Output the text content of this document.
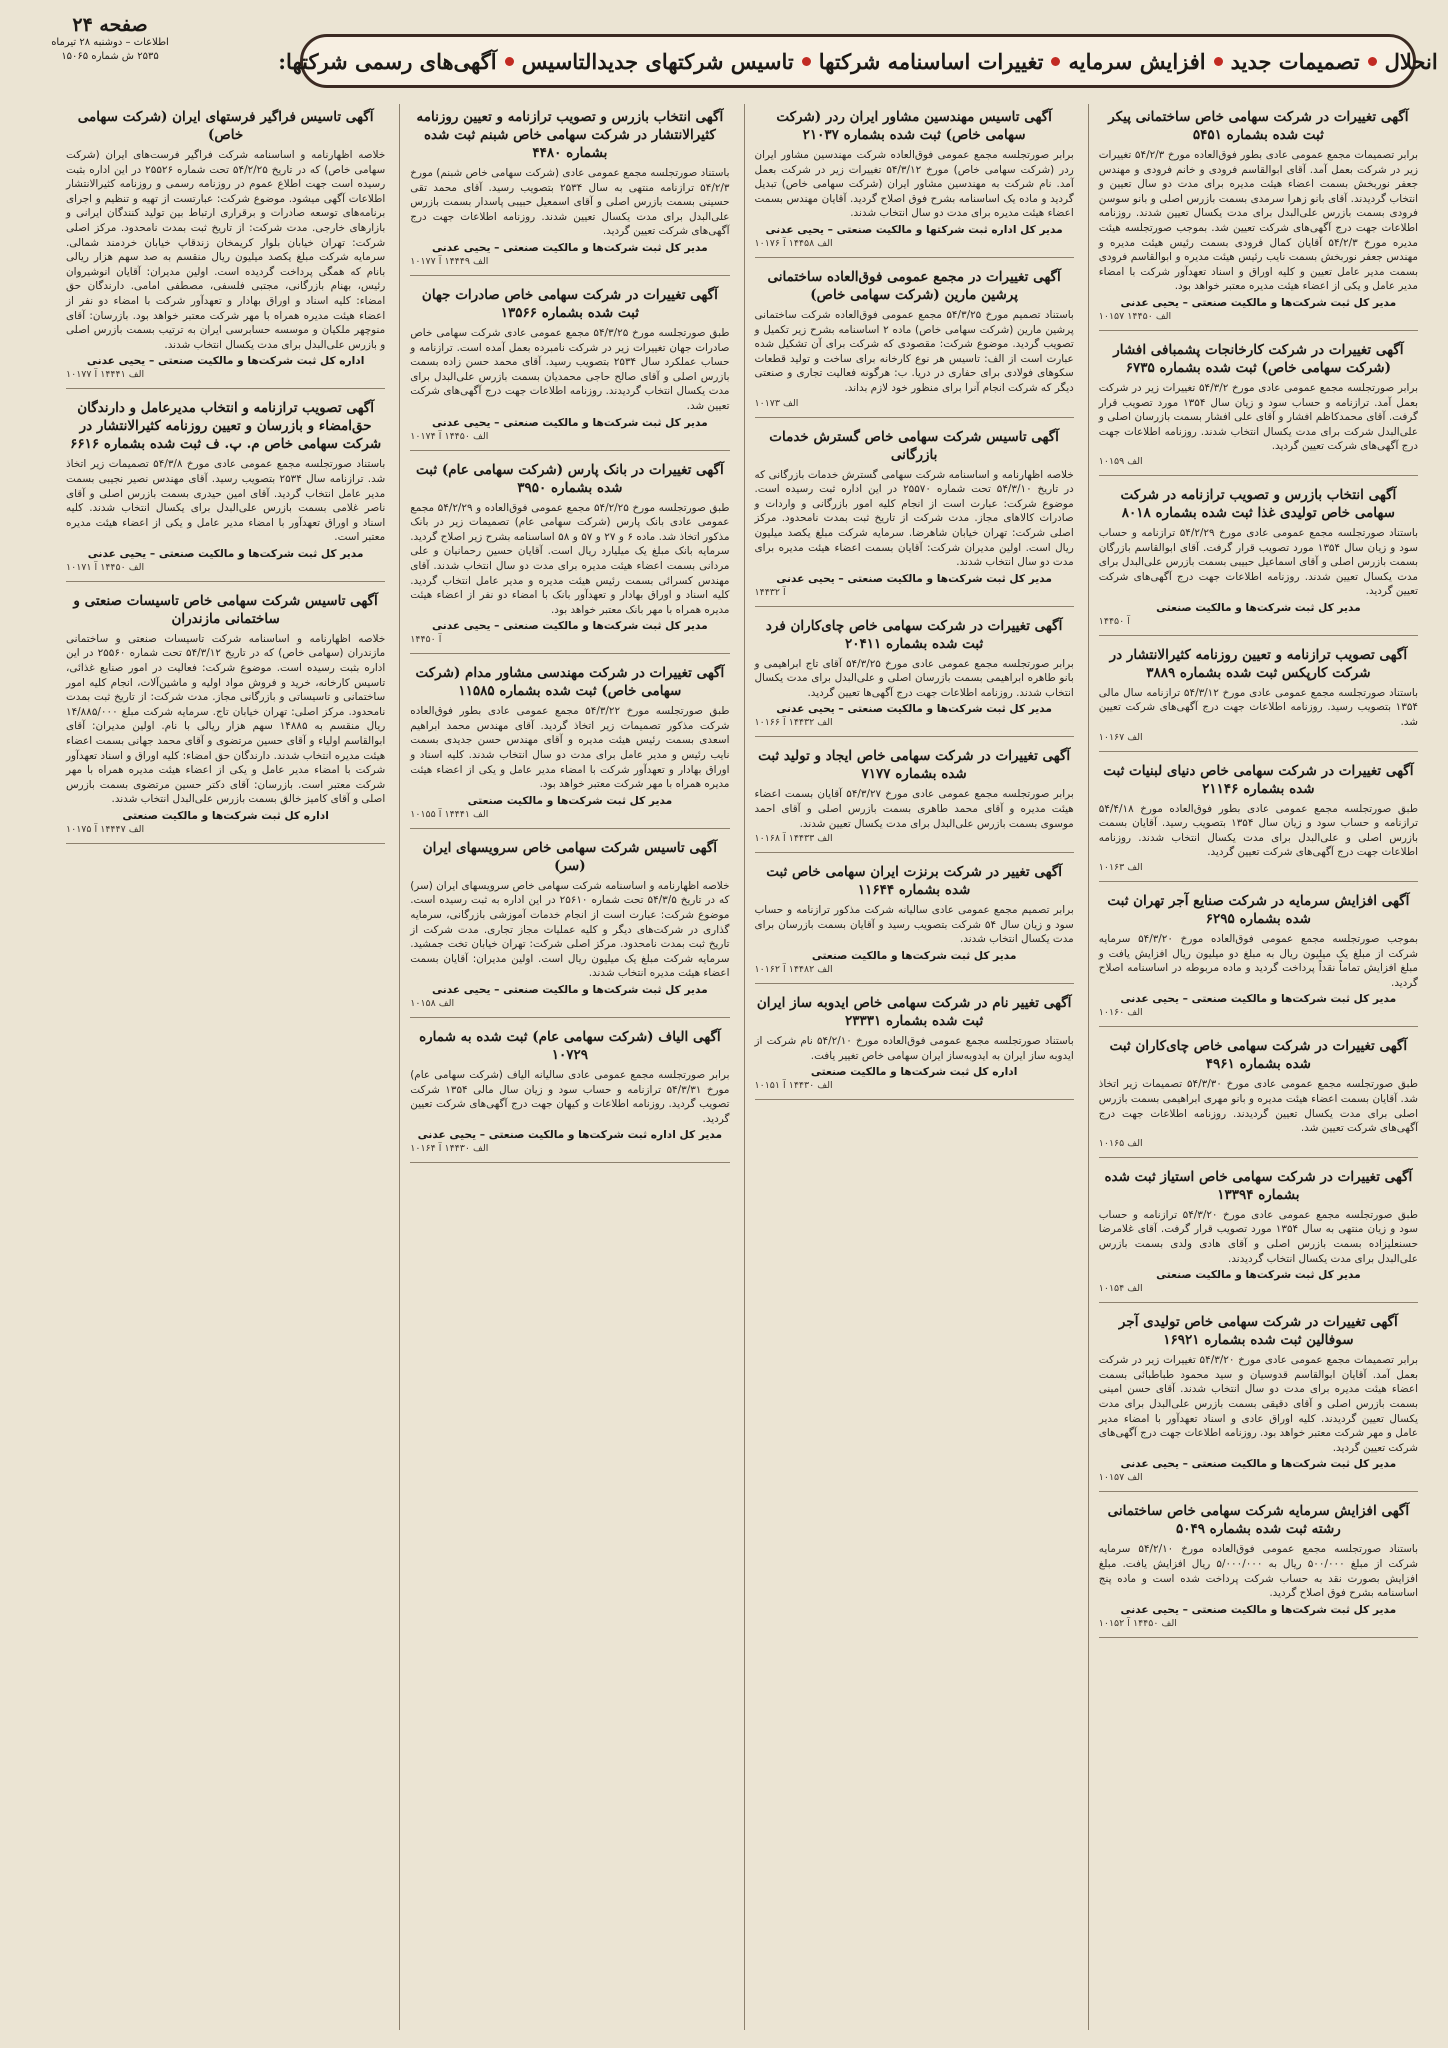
صفحه ۲۴
اطلاعات – دوشنبه ۲۸ تیرماه
۲۵۳۵ ش شماره ۱۵۰۶۵	آگهی‌های رسمی شرکتها: تاسیس شرکتهای جدیدالتاسیس تغییرات اساسنامه شرکتها افزایش سرمایه تصمیمات جدید انحلال
آگهی تغییرات در شرکت سهامی خاص ساختمانی پیکر ثبت شده بشماره ۵۴۵۱
برابر تصمیمات مجمع عمومی عادی بطور فوق‌العاده مورخ ۵۴/۲/۳ تغییرات زیر در شرکت بعمل آمد. آقای ابوالقاسم فرودی و خانم فرودی و مهندس جعفر نوربخش بسمت اعضاء هیئت مدیره برای مدت دو سال تعیین و انتخاب گردیدند. آقای بانو زهرا سرمدی بسمت بازرس اصلی و بانو سوسن فرودی بسمت بازرس علی‌البدل برای مدت یکسال تعیین شدند. روزنامه اطلاعات جهت درج آگهی‌های شرکت تعیین شد. بموجب صورتجلسه هیئت مدیره مورخ ۵۴/۲/۳ آقایان کمال فرودی بسمت رئیس هیئت مدیره و مهندس جعفر نوربخش بسمت نایب رئیس هیئت مدیره و ابوالقاسم فرودی بسمت مدیر عامل تعیین و کلیه اوراق و اسناد تعهدآور شرکت با امضاء مدیر عامل و یکی از اعضاء هیئت مدیره معتبر خواهد بود.
مدیر کل ثبت شرکت‌ها و مالکیت صنعتی – یحیی عدنی
۱۰۱۵۷ ۱۴۴۵۰ الف
آگهی تغییرات در شرکت کارخانجات پشمبافی افشار (شرکت سهامی خاص) ثبت شده بشماره ۶۷۳۵
برابر صورتجلسه مجمع عمومی عادی مورخ ۵۴/۳/۲ تغییرات زیر در شرکت بعمل آمد. ترازنامه و حساب سود و زیان سال ۱۳۵۴ مورد تصویب قرار گرفت. آقای محمدکاظم افشار و آقای علی افشار بسمت بازرسان اصلی و علی‌البدل شرکت برای مدت یکسال انتخاب شدند. روزنامه اطلاعات جهت درج آگهی‌های شرکت تعیین گردید.
۱۰۱۵۹ الف
آگهی انتخاب بازرس و تصویب ترازنامه در شرکت سهامی خاص تولیدی غذا ثبت شده بشماره ۸۰۱۸
باستناد صورتجلسه مجمع عمومی عادی مورخ ۵۴/۲/۲۹ ترازنامه و حساب سود و زیان سال ۱۳۵۴ مورد تصویب قرار گرفت. آقای ابوالقاسم بازرگان بسمت بازرس اصلی و آقای اسماعیل حبیبی بسمت بازرس علی‌البدل برای مدت یکسال تعیین شدند. روزنامه اطلاعات جهت درج آگهی‌های شرکت تعیین گردید.
مدیر کل ثبت شرکت‌ها و مالکیت صنعتی
۱۴۴۵۰ آ
آگهی تصویب ترازنامه و تعیین روزنامه کثیرالانتشار در شرکت کارپکس ثبت شده بشماره ۳۸۸۹
باستناد صورتجلسه مجمع عمومی عادی مورخ ۵۴/۳/۱۲ ترازنامه سال مالی ۱۳۵۴ بتصویب رسید. روزنامه اطلاعات جهت درج آگهی‌های شرکت تعیین شد.
۱۰۱۶۷ الف
آگهی تغییرات در شرکت سهامی خاص دنیای لبنیات ثبت شده بشماره ۲۱۱۴۶
طبق صورتجلسه مجمع عمومی عادی بطور فوق‌العاده مورخ ۵۴/۴/۱۸ ترازنامه و حساب سود و زیان سال ۱۳۵۴ بتصویب رسید. آقایان بسمت بازرس اصلی و علی‌البدل برای مدت یکسال انتخاب شدند. روزنامه اطلاعات جهت درج آگهی‌های شرکت تعیین گردید.
۱۰۱۶۳ الف
آگهی افزایش سرمایه در شرکت صنایع آجر تهران ثبت شده بشماره ۶۲۹۵
بموجب صورتجلسه مجمع عمومی فوق‌العاده مورخ ۵۴/۳/۲۰ سرمایه شرکت از مبلغ یک میلیون ریال به مبلغ دو میلیون ریال افزایش یافت و مبلغ افزایش تماماً نقداً پرداخت گردید و ماده مربوطه در اساسنامه اصلاح گردید.
مدیر کل ثبت شرکت‌ها و مالکیت صنعتی – یحیی عدنی
۱۰۱۶۰ الف
آگهی تغییرات در شرکت سهامی خاص چای‌کاران ثبت شده بشماره ۴۹۶۱
طبق صورتجلسه مجمع عمومی عادی مورخ ۵۴/۳/۳۰ تصمیمات زیر اتخاذ شد. آقایان بسمت اعضاء هیئت مدیره و بانو مهری ابراهیمی بسمت بازرس اصلی برای مدت یکسال تعیین گردیدند. روزنامه اطلاعات جهت درج آگهی‌های شرکت تعیین شد.
۱۰۱۶۵ الف
آگهی تغییرات در شرکت سهامی خاص استیاز ثبت شده بشماره ۱۳۳۹۴
طبق صورتجلسه مجمع عمومی عادی مورخ ۵۴/۳/۲۰ ترازنامه و حساب سود و زیان منتهی به سال ۱۳۵۴ مورد تصویب قرار گرفت. آقای غلامرضا حسنعلیزاده بسمت بازرس اصلی و آقای هادی ولدی بسمت بازرس علی‌البدل برای مدت یکسال انتخاب گردیدند.
مدیر کل ثبت شرکت‌ها و مالکیت صنعتی
۱۰۱۵۴ الف
آگهی تغییرات در شرکت سهامی خاص تولیدی آجر سوفالین ثبت شده بشماره ۱۶۹۲۱
برابر تصمیمات مجمع عمومی عادی مورخ ۵۴/۳/۲۰ تغییرات زیر در شرکت بعمل آمد. آقایان ابوالقاسم قدوسیان و سید محمود طباطبائی بسمت اعضاء هیئت مدیره برای مدت دو سال انتخاب شدند. آقای حسن امینی بسمت بازرس اصلی و آقای دقیقی بسمت بازرس علی‌البدل برای مدت یکسال تعیین گردیدند. کلیه اوراق عادی و اسناد تعهدآور با امضاء مدیر عامل و مهر شرکت معتبر خواهد بود. روزنامه اطلاعات جهت درج آگهی‌های شرکت تعیین گردید.
مدیر کل ثبت شرکت‌ها و مالکیت صنعتی – یحیی عدنی
۱۰۱۵۷ الف
آگهی افزایش سرمایه شرکت سهامی خاص ساختمانی رشته ثبت شده بشماره ۵۰۴۹
باستناد صورتجلسه مجمع عمومی فوق‌العاده مورخ ۵۴/۲/۱۰ سرمایه شرکت از مبلغ ۵۰۰/۰۰۰ ریال به ۵/۰۰۰/۰۰۰ ریال افزایش یافت. مبلغ افزایش بصورت نقد به حساب شرکت پرداخت شده است و ماده پنج اساسنامه بشرح فوق اصلاح گردید.
مدیر کل ثبت شرکت‌ها و مالکیت صنعتی – یحیی عدنی
۱۰۱۵۲ الف ۱۴۴۵۰ آ
آگهی تاسیس مهندسین مشاور ایران ردر (شرکت سهامی خاص) ثبت شده بشماره ۲۱۰۳۷
برابر صورتجلسه مجمع عمومی فوق‌العاده شرکت مهندسین مشاور ایران ردر (شرکت سهامی خاص) مورخ ۵۴/۳/۱۲ تغییرات زیر در شرکت بعمل آمد. نام شرکت به مهندسین مشاور ایران (شرکت سهامی خاص) تبدیل گردید و ماده یک اساسنامه بشرح فوق اصلاح گردید. آقایان مهندس بسمت اعضاء هیئت مدیره برای مدت دو سال انتخاب شدند.
مدیر کل اداره ثبت شرکتها و مالکیت صنعتی – یحیی عدنی
۱۰۱۷۶ الف ۱۴۴۵۸ آ
آگهی تغییرات در مجمع عمومی فوق‌العاده ساختمانی پرشین مارین (شرکت سهامی خاص)
باستناد تصمیم مورخ ۵۴/۳/۲۵ مجمع عمومی فوق‌العاده شرکت ساختمانی پرشین مارین (شرکت سهامی خاص) ماده ۲ اساسنامه بشرح زیر تکمیل و تصویب گردید. موضوع شرکت: مقصودی که شرکت برای آن تشکیل شده عبارت است از الف: تاسیس هر نوع کارخانه برای ساخت و تولید قطعات سکوهای فولادی برای حفاری در دریا. ب: هرگونه فعالیت تجاری و صنعتی دیگر که شرکت انجام آنرا برای منظور خود لازم بداند.
۱۰۱۷۳ الف
آگهی تاسیس شرکت سهامی خاص گسترش خدمات بازرگانی
خلاصه اظهارنامه و اساسنامه شرکت سهامی گسترش خدمات بازرگانی که در تاریخ ۵۴/۳/۱۰ تحت شماره ۲۵۵۷۰ در این اداره ثبت رسیده است. موضوع شرکت: عبارت است از انجام کلیه امور بازرگانی و واردات و صادرات کالاهای مجاز. مدت شرکت از تاریخ ثبت بمدت نامحدود. مرکز اصلی شرکت: تهران خیابان شاهرضا. سرمایه شرکت مبلغ یکصد میلیون ریال است. اولین مدیران شرکت: آقایان بسمت اعضاء هیئت مدیره برای مدت دو سال انتخاب شدند.
مدیر کل ثبت شرکت‌ها و مالکیت صنعتی – یحیی عدنی
۱۴۴۳۲ آ
آگهی تغییرات در شرکت سهامی خاص چای‌کاران فرد ثبت شده بشماره ۲۰۴۱۱
برابر صورتجلسه مجمع عمومی عادی مورخ ۵۴/۳/۲۵ آقای تاج ابراهیمی و بانو طاهره ابراهیمی بسمت بازرسان اصلی و علی‌البدل برای مدت یکسال انتخاب شدند. روزنامه اطلاعات جهت درج آگهی‌ها تعیین گردید.
مدیر کل ثبت شرکت‌ها و مالکیت صنعتی – یحیی عدنی
۱۰۱۶۶ الف ۱۴۴۳۲ آ
آگهی تغییرات در شرکت سهامی خاص ایجاد و تولید ثبت شده بشماره ۷۱۷۷
برابر صورتجلسه مجمع عمومی عادی مورخ ۵۴/۳/۲۷ آقایان بسمت اعضاء هیئت مدیره و آقای محمد طاهری بسمت بازرس اصلی و آقای احمد موسوی بسمت بازرس علی‌البدل برای مدت یکسال تعیین شدند.
۱۰۱۶۸ الف ۱۴۴۳۳ آ
آگهی تغییر در شرکت برنزت ایران سهامی خاص ثبت شده بشماره ۱۱۶۴۴
برابر تصمیم مجمع عمومی عادی سالیانه شرکت مذکور ترازنامه و حساب سود و زیان سال ۵۴ شرکت بتصویب رسید و آقایان بسمت بازرسان برای مدت یکسال انتخاب شدند.
مدیر کل ثبت شرکت‌ها و مالکیت صنعتی
۱۰۱۶۲ الف ۱۴۴۸۲ آ
آگهی تغییر نام در شرکت سهامی خاص ایدوبه ساز ایران ثبت شده بشماره ۲۳۳۳۱
باستناد صورتجلسه مجمع عمومی فوق‌العاده مورخ ۵۴/۲/۱۰ نام شرکت از ایدوبه ساز ایران به ایدوبه‌ساز ایران سهامی خاص تغییر یافت.
اداره کل ثبت شرکت‌ها و مالکیت صنعتی
۱۰۱۵۱ الف ۱۴۴۳۰ آ
آگهی انتخاب بازرس و تصویب ترازنامه و تعیین روزنامه کثیرالانتشار در شرکت سهامی خاص شبنم ثبت شده بشماره ۴۴۸۰
باستناد صورتجلسه مجمع عمومی عادی (شرکت سهامی خاص شبنم) مورخ ۵۴/۲/۳ ترازنامه منتهی به سال ۲۵۳۴ بتصویب رسید. آقای محمد تقی حسینی بسمت بازرس اصلی و آقای اسمعیل حبیبی پاسدار بسمت بازرس علی‌البدل برای مدت یکسال تعیین شدند. روزنامه اطلاعات جهت درج آگهی‌های شرکت تعیین گردید.
مدیر کل ثبت شرکت‌ها و مالکیت صنعتی – یحیی عدنی
۱۰۱۷۷ الف ۱۴۴۴۹ آ
آگهی تغییرات در شرکت سهامی خاص صادرات جهان ثبت شده بشماره ۱۳۵۶۶
طبق صورتجلسه مورخ ۵۴/۳/۲۵ مجمع عمومی عادی شرکت سهامی خاص صادرات جهان تغییرات زیر در شرکت نامبرده بعمل آمده است. ترازنامه و حساب عملکرد سال ۲۵۳۴ بتصویب رسید. آقای محمد حسن زاده بسمت بازرس اصلی و آقای صالح حاجی محمدیان بسمت بازرس علی‌البدل برای مدت یکسال انتخاب گردیدند. روزنامه اطلاعات جهت درج آگهی‌های شرکت تعیین شد.
مدیر کل ثبت شرکت‌ها و مالکیت صنعتی – یحیی عدنی
۱۰۱۷۴ الف ۱۴۴۵۰ آ
آگهی تغییرات در بانک پارس (شرکت سهامی عام) ثبت شده بشماره ۳۹۵۰
طبق صورتجلسه مورخ ۵۴/۲/۲۵ مجمع عمومی فوق‌العاده و ۵۴/۲/۲۹ مجمع عمومی عادی بانک پارس (شرکت سهامی عام) تصمیمات زیر در بانک مذکور اتخاذ شد. ماده ۶ و ۲۷ و ۵۷ و ۵۸ اساسنامه بشرح زیر اصلاح گردید. سرمایه بانک مبلغ یک میلیارد ریال است. آقایان حسین رحمانیان و علی مردانی بسمت اعضاء هیئت مدیره برای مدت دو سال انتخاب شدند. آقای مهندس کسرائی بسمت رئیس هیئت مدیره و مدیر عامل انتخاب گردید. کلیه اسناد و اوراق بهادار و تعهدآور بانک با امضاء دو نفر از اعضاء هیئت مدیره همراه با مهر بانک معتبر خواهد بود.
مدیر کل ثبت شرکت‌ها و مالکیت صنعتی – یحیی عدنی
۱۴۴۵۰ آ
آگهی تغییرات در شرکت مهندسی مشاور مدام (شرکت سهامی خاص) ثبت شده بشماره ۱۱۵۸۵
طبق صورتجلسه مورخ ۵۴/۳/۲۲ مجمع عمومی عادی بطور فوق‌العاده شرکت مذکور تصمیمات زیر اتخاذ گردید. آقای مهندس محمد ابراهیم اسعدی بسمت رئیس هیئت مدیره و آقای مهندس حسن جدیدی بسمت نایب رئیس و مدیر عامل برای مدت دو سال انتخاب شدند. کلیه اسناد و اوراق بهادار و تعهدآور شرکت با امضاء مدیر عامل و یکی از اعضاء هیئت مدیره همراه با مهر شرکت معتبر خواهد بود.
مدیر کل ثبت شرکت‌ها و مالکیت صنعتی
۱۰۱۵۵ الف ۱۴۴۴۱ آ
آگهی تاسیس شرکت سهامی خاص سرویسهای ایران (سر)
خلاصه اظهارنامه و اساسنامه شرکت سهامی خاص سرویسهای ایران (سر) که در تاریخ ۵۴/۳/۵ تحت شماره ۲۵۶۱۰ در این اداره به ثبت رسیده است. موضوع شرکت: عبارت است از انجام خدمات آموزشی بازرگانی، سرمایه گذاری در شرکت‌های دیگر و کلیه عملیات مجاز تجاری. مدت شرکت از تاریخ ثبت بمدت نامحدود. مرکز اصلی شرکت: تهران خیابان تخت جمشید. سرمایه شرکت مبلغ یک میلیون ریال است. اولین مدیران: آقایان بسمت اعضاء هیئت مدیره انتخاب شدند.
مدیر کل ثبت شرکت‌ها و مالکیت صنعتی – یحیی عدنی
۱۰۱۵۸ الف
آگهی الیاف (شرکت سهامی عام) ثبت شده به شماره ۱۰۷۲۹
برابر صورتجلسه مجمع عمومی عادی سالیانه الیاف (شرکت سهامی عام) مورخ ۵۴/۳/۳۱ ترازنامه و حساب سود و زیان سال مالی ۱۳۵۴ شرکت تصویب گردید. روزنامه اطلاعات و کیهان جهت درج آگهی‌های شرکت تعیین گردید.
مدیر کل اداره ثبت شرکت‌ها و مالکیت صنعتی – یحیی عدنی
۱۰۱۶۴ الف ۱۴۴۳۰ آ
آگهی تاسیس فراگیر فرستهای ایران (شرکت سهامی خاص)
خلاصه اظهارنامه و اساسنامه شرکت فراگیر فرست‌های ایران (شرکت سهامی خاص) که در تاریخ ۵۴/۲/۲۵ تحت شماره ۲۵۵۲۶ در این اداره بثبت رسیده است جهت اطلاع عموم در روزنامه رسمی و روزنامه کثیرالانتشار اطلاعات آگهی میشود. موضوع شرکت: عبارتست از تهیه و تنظیم و اجرای برنامه‌های توسعه صادرات و برقراری ارتباط بین تولید کنندگان ایرانی و بازارهای خارجی. مدت شرکت: از تاریخ ثبت بمدت نامحدود. مرکز اصلی شرکت: تهران خیابان بلوار کریمخان زندقاپ خیابان خردمند شمالی. سرمایه شرکت مبلغ یکصد میلیون ریال منقسم به صد سهم هزار ریالی بانام که همگی پرداخت گردیده است. اولین مدیران: آقایان انوشیروان رئیس، بهنام بازرگانی، مجتبی فلسفی، مصطفی امامی. دارندگان حق امضاء: کلیه اسناد و اوراق بهادار و تعهدآور شرکت با امضاء دو نفر از اعضاء هیئت مدیره همراه با مهر شرکت معتبر خواهد بود. بازرسان: آقای منوچهر ملکیان و موسسه حسابرسی ایران به ترتیب بسمت بازرس اصلی و بازرس علی‌البدل برای مدت یکسال انتخاب شدند.
اداره کل ثبت شرکت‌ها و مالکیت صنعتی – یحیی عدنی
۱۰۱۷۷ الف ۱۴۴۴۱ آ
آگهی تصویب ترازنامه و انتخاب مدیرعامل و دارندگان حق‌امضاء و بازرسان و تعیین روزنامه کثیرالانتشار در شرکت سهامی خاص م. پ. ف ثبت شده بشماره ۶۶۱۶
باستناد صورتجلسه مجمع عمومی عادی مورخ ۵۴/۳/۸ تصمیمات زیر اتخاذ شد. ترازنامه سال ۲۵۳۴ بتصویب رسید. آقای مهندس نصیر نجیبی بسمت مدیر عامل انتخاب گردید. آقای امین حیدری بسمت بازرس اصلی و آقای ناصر غلامی بسمت بازرس علی‌البدل برای یکسال انتخاب شدند. کلیه اسناد و اوراق تعهدآور با امضاء مدیر عامل و یکی از اعضاء هیئت مدیره معتبر است.
مدیر کل ثبت شرکت‌ها و مالکیت صنعتی – یحیی عدنی
۱۰۱۷۱ الف ۱۴۴۵۰ آ
آگهی تاسیس شرکت سهامی خاص تاسیسات صنعتی و ساختمانی مازندران
خلاصه اظهارنامه و اساسنامه شرکت تاسیسات صنعتی و ساختمانی مازندران (سهامی خاص) که در تاریخ ۵۴/۳/۱۲ تحت شماره ۲۵۵۶۰ در این اداره بثبت رسیده است. موضوع شرکت: فعالیت در امور صنایع غذائی، تاسیس کارخانه، خرید و فروش مواد اولیه و ماشین‌آلات، انجام کلیه امور ساختمانی و تاسیساتی و بازرگانی مجاز. مدت شرکت: از تاریخ ثبت بمدت نامحدود. مرکز اصلی: تهران خیابان تاج. سرمایه شرکت مبلغ ۱۴/۸۸۵/۰۰۰ ریال منقسم به ۱۴۸۸۵ سهم هزار ریالی با نام. اولین مدیران: آقای ابوالقاسم اولیاء و آقای حسین مرتضوی و آقای محمد جهانی بسمت اعضاء هیئت مدیره انتخاب شدند. دارندگان حق امضاء: کلیه اوراق و اسناد تعهدآور شرکت با امضاء مدیر عامل و یکی از اعضاء هیئت مدیره همراه با مهر شرکت معتبر است. بازرسان: آقای دکتر حسین مرتضوی بسمت بازرس اصلی و آقای کامیز خالق بسمت بازرس علی‌البدل انتخاب شدند.
اداره کل ثبت شرکت‌ها و مالکیت صنعتی
۱۰۱۷۵ الف ۱۴۴۴۷ آ
